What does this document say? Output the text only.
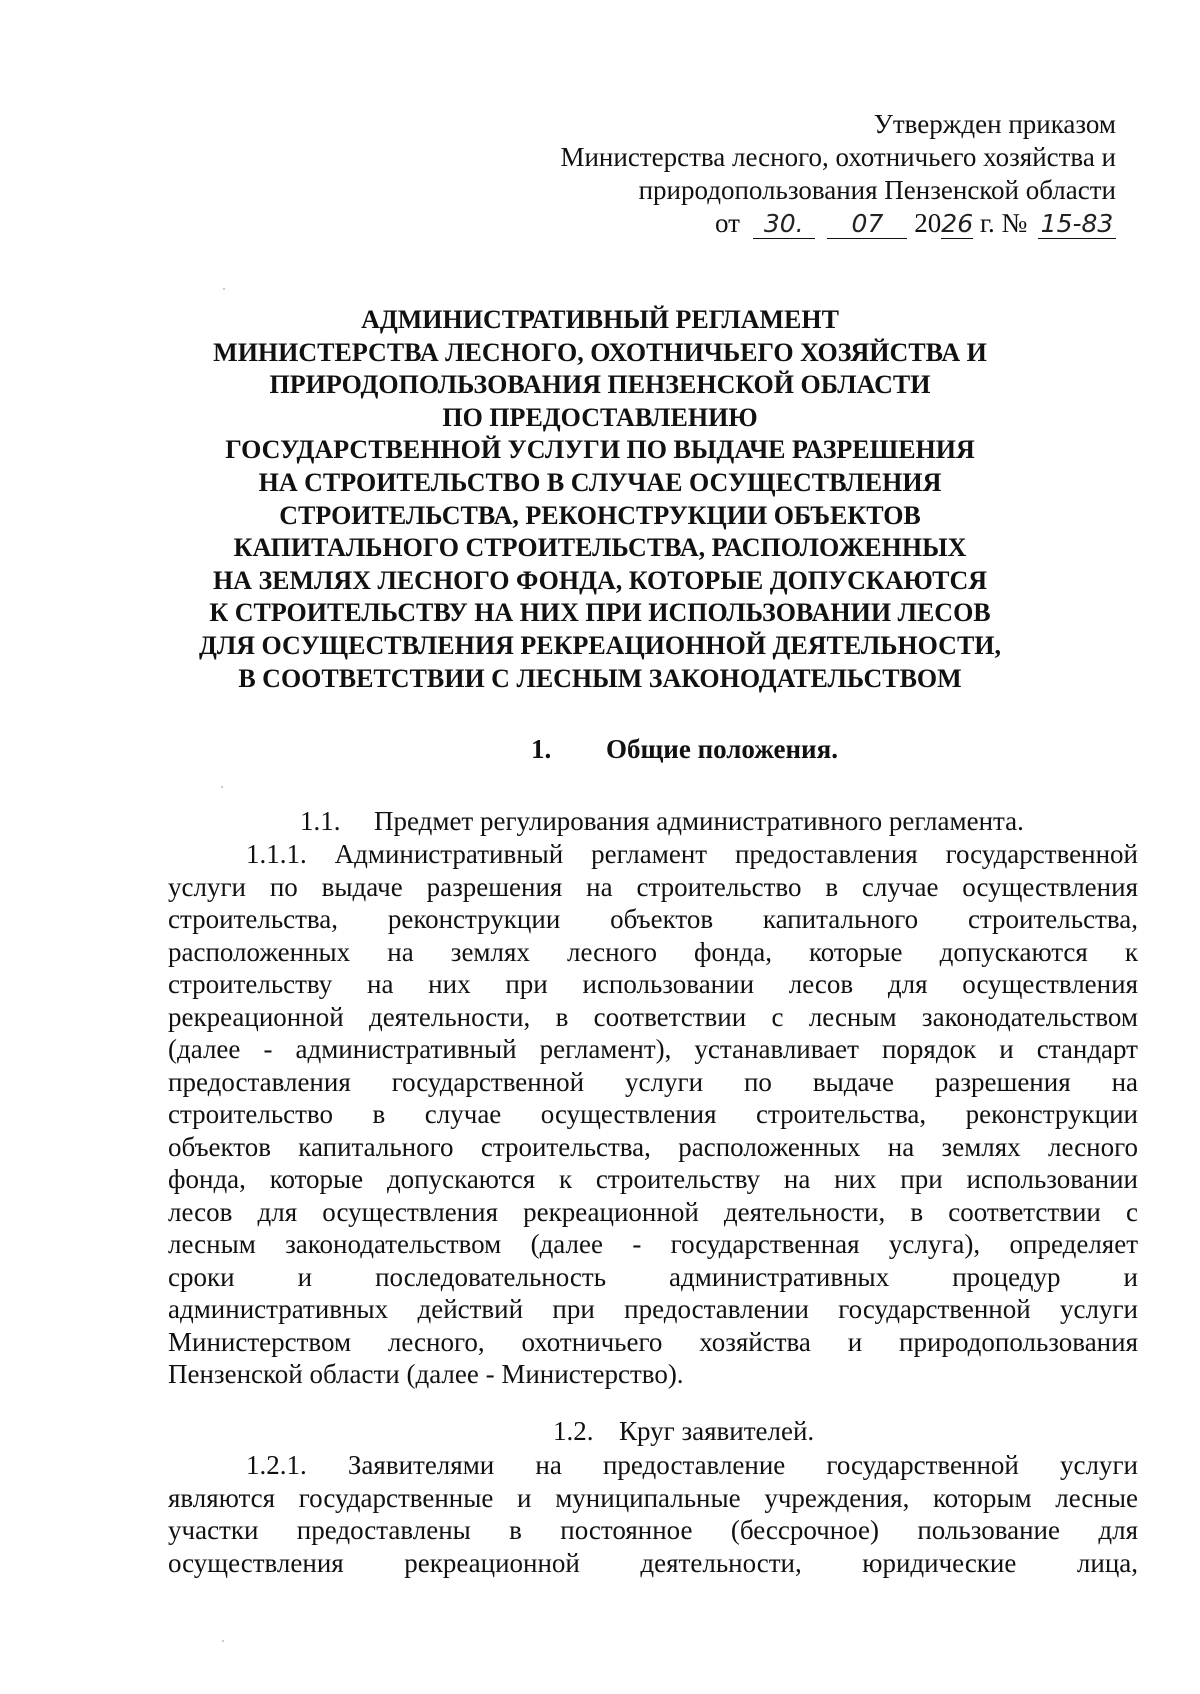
Утвержден приказом
Министерства лесного, охотничьего хозяйства и
природопользования Пензенской области
от 30. 07 2026 г. № 15-83
АДМИНИСТРАТИВНЫЙ РЕГЛАМЕНТ
МИНИСТЕРСТВА ЛЕСНОГО, ОХОТНИЧЬЕГО ХОЗЯЙСТВА И
ПРИРОДОПОЛЬЗОВАНИЯ ПЕНЗЕНСКОЙ ОБЛАСТИ
ПО ПРЕДОСТАВЛЕНИЮ
ГОСУДАРСТВЕННОЙ УСЛУГИ ПО ВЫДАЧЕ РАЗРЕШЕНИЯ
НА СТРОИТЕЛЬСТВО В СЛУЧАЕ ОСУЩЕСТВЛЕНИЯ
СТРОИТЕЛЬСТВА, РЕКОНСТРУКЦИИ ОБЪЕКТОВ
КАПИТАЛЬНОГО СТРОИТЕЛЬСТВА, РАСПОЛОЖЕННЫХ
НА ЗЕМЛЯХ ЛЕСНОГО ФОНДА, КОТОРЫЕ ДОПУСКАЮТСЯ
К СТРОИТЕЛЬСТВУ НА НИХ ПРИ ИСПОЛЬЗОВАНИИ ЛЕСОВ
ДЛЯ ОСУЩЕСТВЛЕНИЯ РЕКРЕАЦИОННОЙ ДЕЯТЕЛЬНОСТИ,
В СООТВЕТСТВИИ С ЛЕСНЫМ ЗАКОНОДАТЕЛЬСТВОМ
1. Общие положения.
1.1. Предмет регулирования административного регламента.
1.1.1. Административный регламент предоставления государственной
услуги по выдаче разрешения на строительство в случае осуществления
строительства, реконструкции объектов капитального строительства,
расположенных на землях лесного фонда, которые допускаются к
строительству на них при использовании лесов для осуществления
рекреационной деятельности, в соответствии с лесным законодательством
(далее - административный регламент), устанавливает порядок и стандарт
предоставления государственной услуги по выдаче разрешения на
строительство в случае осуществления строительства, реконструкции
объектов капитального строительства, расположенных на землях лесного
фонда, которые допускаются к строительству на них при использовании
лесов для осуществления рекреационной деятельности, в соответствии с
лесным законодательством (далее - государственная услуга), определяет
сроки и последовательность административных процедур и
административных действий при предоставлении государственной услуги
Министерством лесного, охотничьего хозяйства и природопользования
Пензенской области (далее - Министерство).
1.2. Круг заявителей.
1.2.1. Заявителями на предоставление государственной услуги
являются государственные и муниципальные учреждения, которым лесные
участки предоставлены в постоянное (бессрочное) пользование для
осуществления рекреационной деятельности, юридические лица,
